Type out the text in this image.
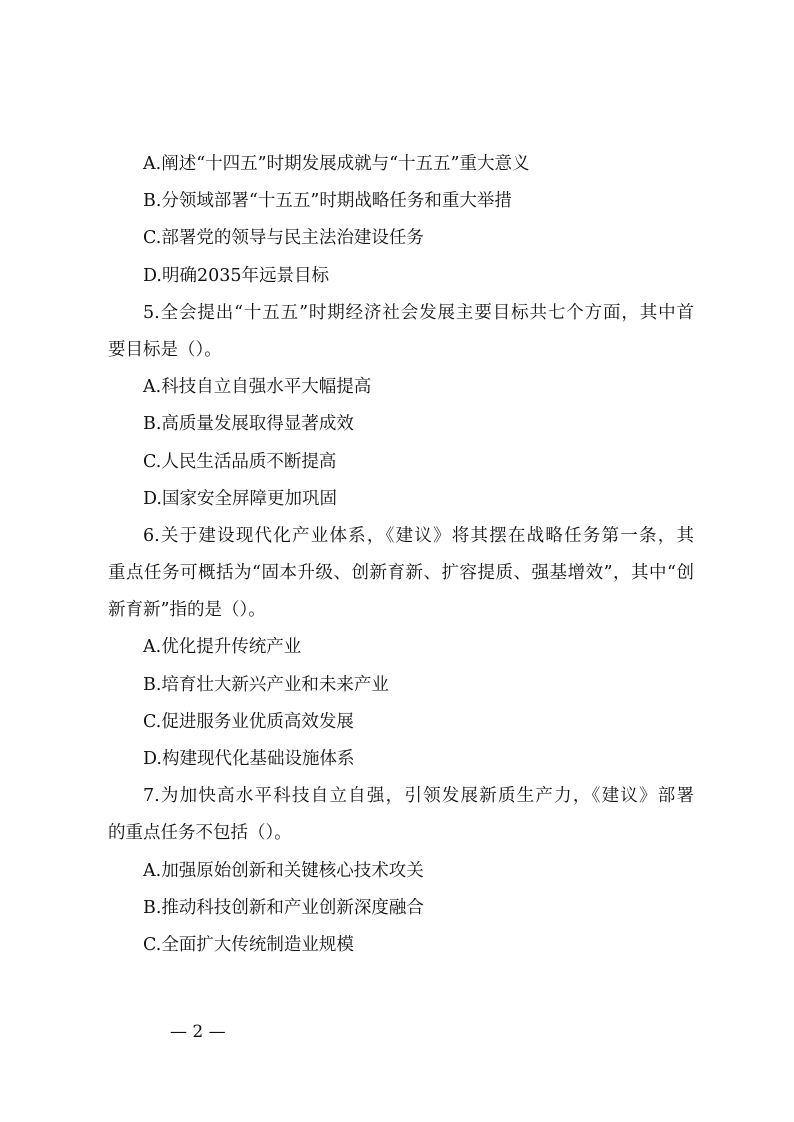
A.阐述“十四五”时期发展成就与“十五五”重大意义
B.分领域部署“十五五”时期战略任务和重大举措
C.部署党的领导与民主法治建设任务
D.明确2035年远景目标
5.全会提出“十五五”时期经济社会发展主要目标共七个方面，其中首
要目标是（）。
A.科技自立自强水平大幅提高
B.高质量发展取得显著成效
C.人民生活品质不断提高
D.国家安全屏障更加巩固
6.关于建设现代化产业体系，《建议》将其摆在战略任务第一条，其
重点任务可概括为“固本升级、创新育新、扩容提质、强基增效”，其中“创
新育新”指的是（）。
A.优化提升传统产业
B.培育壮大新兴产业和未来产业
C.促进服务业优质高效发展
D.构建现代化基础设施体系
7.为加快高水平科技自立自强，引领发展新质生产力，《建议》部署
的重点任务不包括（）。
A.加强原始创新和关键核心技术攻关
B.推动科技创新和产业创新深度融合
C.全面扩大传统制造业规模
— 2 —
